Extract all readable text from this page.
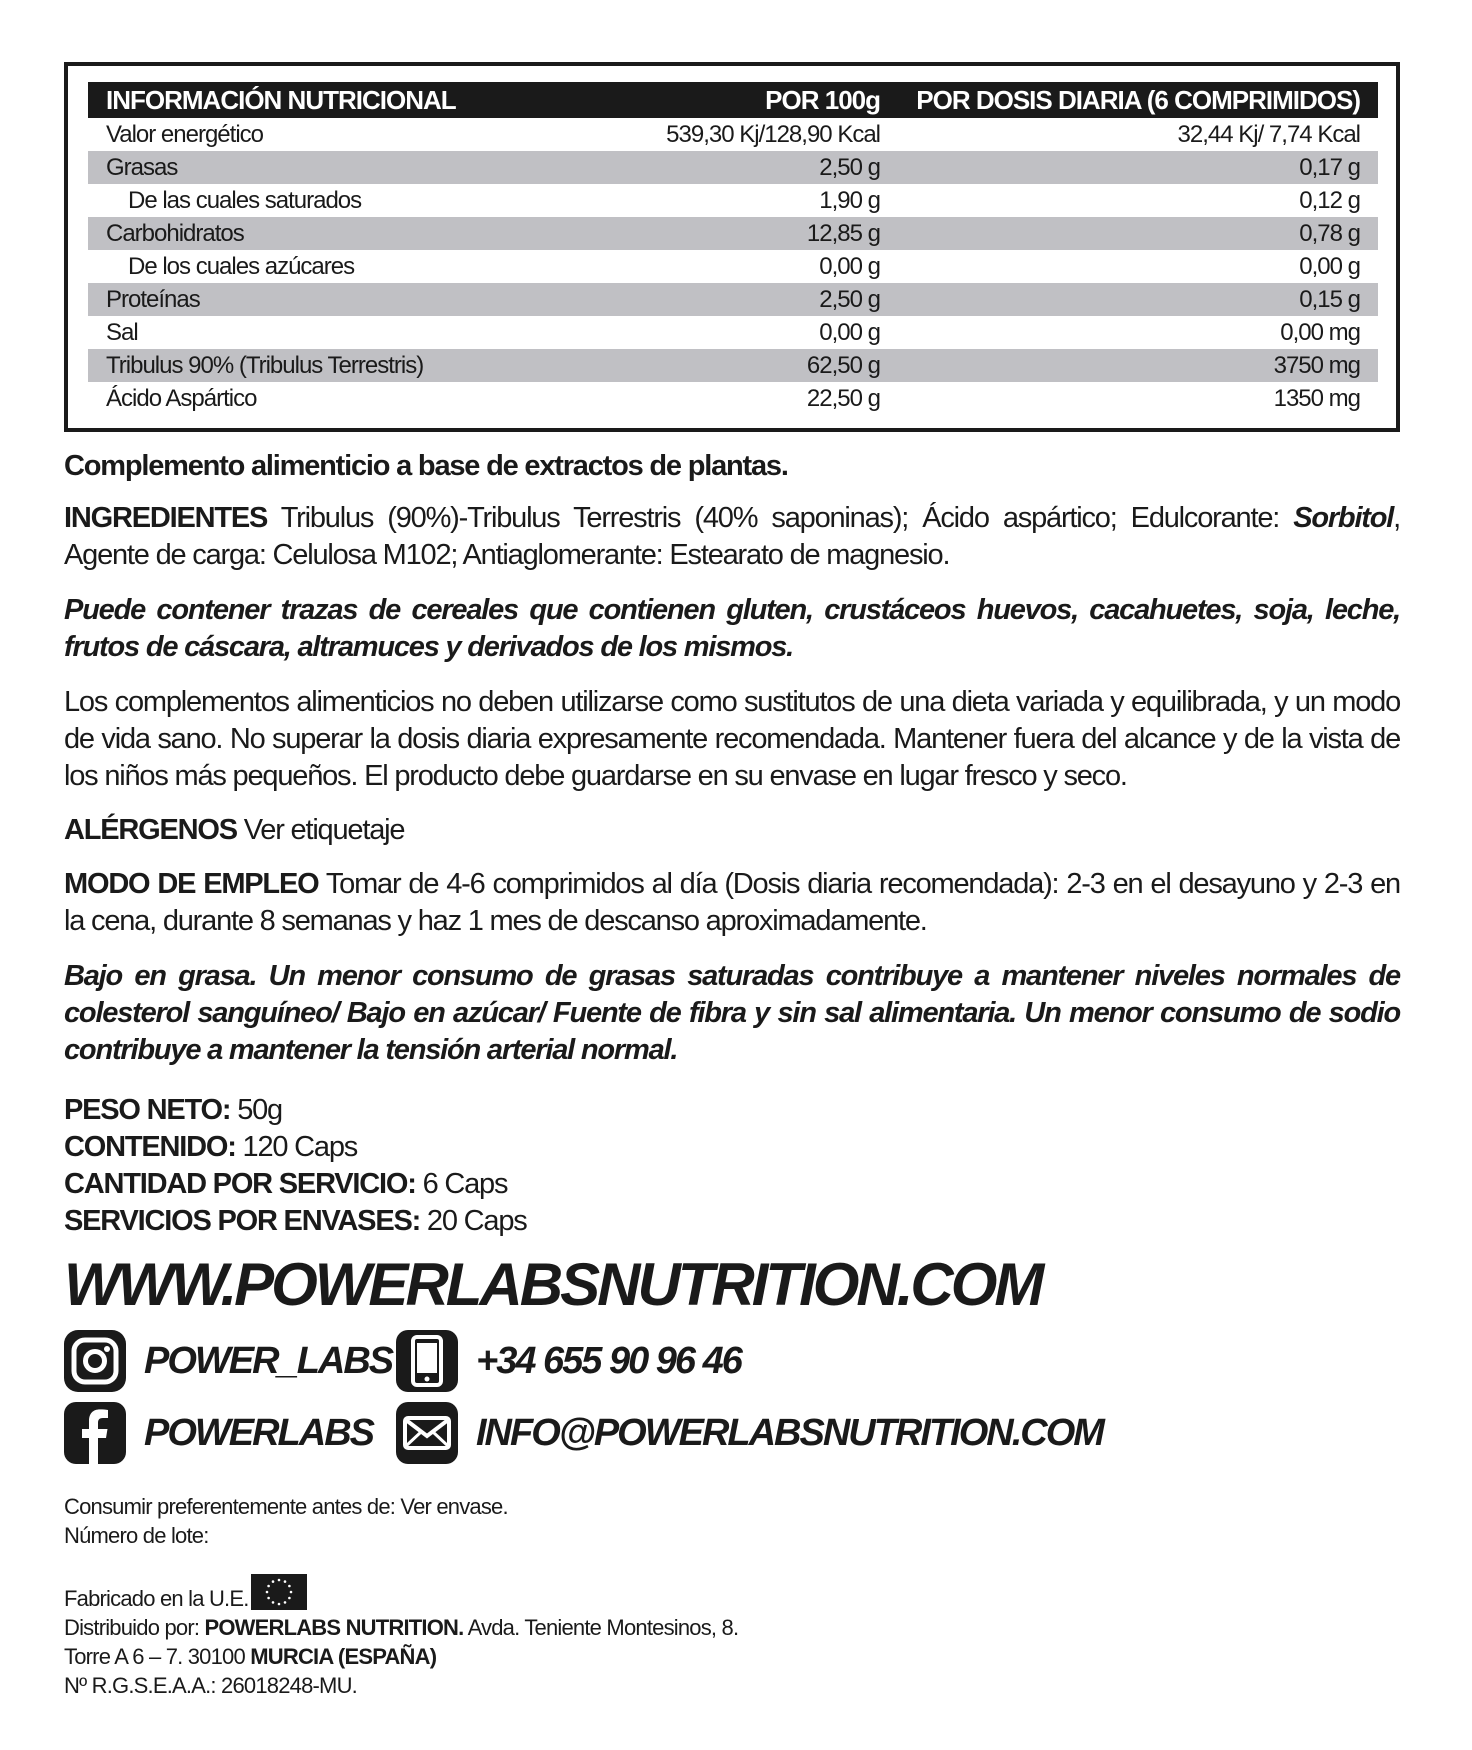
INFORMACIÓN NUTRICIONAL	POR 100g	POR DOSIS DIARIA (6 COMPRIMIDOS)
Valor energético	539,30 Kj/128,90 Kcal	32,44 Kj/ 7,74 Kcal
Grasas	2,50 g	0,17 g
De las cuales saturados	1,90 g	0,12 g
Carbohidratos	12,85 g	0,78 g
De los cuales azúcares	0,00 g	0,00 g
Proteínas	2,50 g	0,15 g
Sal	0,00 g	0,00 mg
Tribulus 90% (Tribulus Terrestris)	62,50 g	3750 mg
Ácido Aspártico	22,50 g	1350 mg
Complemento alimenticio a base de extractos de plantas.
INGREDIENTES Tribulus (90%)-Tribulus Terrestris (40% saponinas); Ácido aspártico; Edulcorante: Sorbitol, Agente de carga: Celulosa M102; Antiaglomerante: Estearato de magnesio.
Puede contener trazas de cereales que contienen gluten, crustáceos huevos, cacahuetes, soja, leche, frutos de cáscara, altramuces y derivados de los mismos.
Los complementos alimenticios no deben utilizarse como sustitutos de una dieta variada y equilibrada, y un modo de vida sano. No superar la dosis diaria expresamente recomendada. Mantener fuera del alcance y de la vista de los niños más pequeños. El producto debe guardarse en su envase en lugar fresco y seco.
ALÉRGENOS Ver etiquetaje
MODO DE EMPLEO Tomar de 4-6 comprimidos al día (Dosis diaria recomendada): 2-3 en el desayuno y 2-3 en la cena, durante 8 semanas y haz 1 mes de descanso aproximadamente.
Bajo en grasa. Un menor consumo de grasas saturadas contribuye a mantener niveles normales de colesterol sanguíneo/ Bajo en azúcar/ Fuente de fibra y sin sal alimentaria. Un menor consumo de sodio contribuye a mantener la tensión arterial normal.
PESO NETO: 50g
CONTENIDO: 120 Caps
CANTIDAD POR SERVICIO: 6 Caps
SERVICIOS POR ENVASES: 20 Caps
WWW.POWERLABSNUTRITION.COM
POWER_LABS +34 655 90 96 46
POWERLABS	INFO@POWERLABSNUTRITION.COM
Consumir preferentemente antes de: Ver envase.
Número de lote:
Fabricado en la U.E.
Distribuido por: POWERLABS NUTRITION. Avda. Teniente Montesinos, 8.
Torre A 6 – 7. 30100 MURCIA (ESPAÑA)
Nº R.G.S.E.A.A.: 26018248-MU.
